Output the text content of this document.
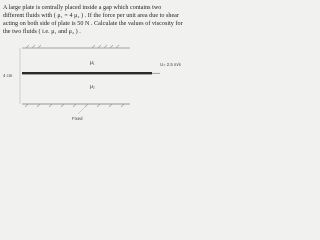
A large plate is centrally placed inside a gap which contains two
different fluids with ( μ₁ = 4 μ₂ ) . If the force per unit area due to shear
acting on both side of plate is 50 N . Calculate the values of viscosity for
the two fluids ( i.e. μ₁ and μ₂ ) .
μ₁	U= 2.5 m/s
4 cm
μ₂
Fixed
